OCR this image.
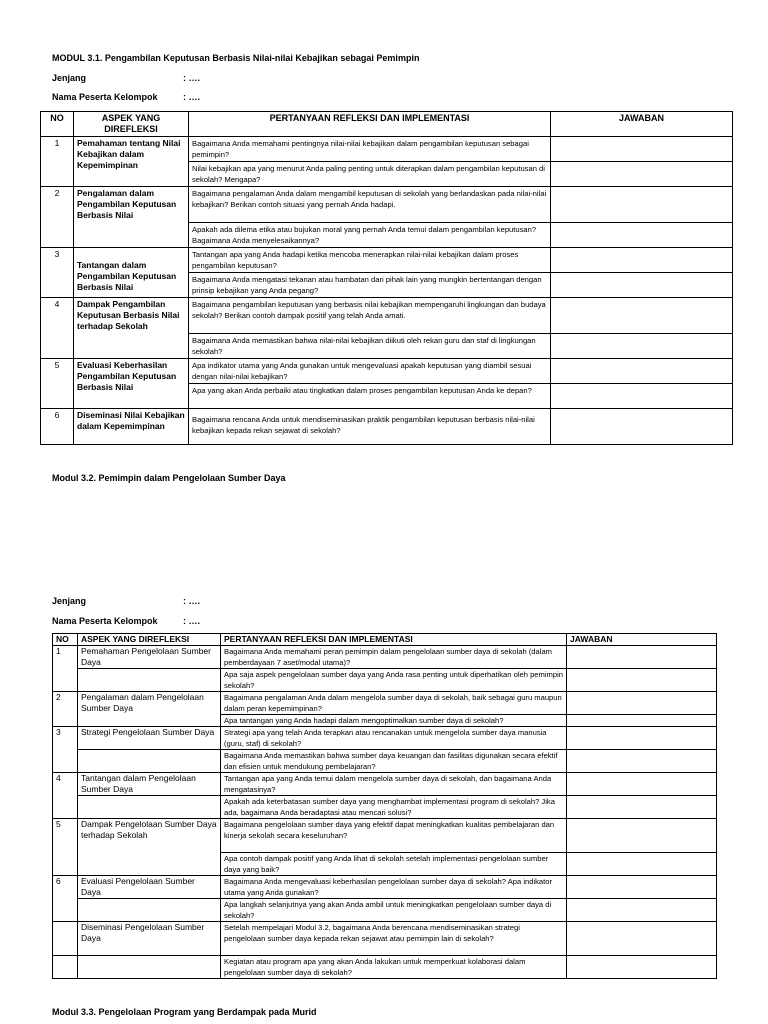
MODUL 3.1. Pengambilan Keputusan Berbasis Nilai-nilai Kebajikan sebagai Pemimpin
Jenjang	: ….
Nama Peserta Kelompok	: ….
NO	ASPEK YANG DIREFLEKSI	PERTANYAAN REFLEKSI DAN IMPLEMENTASI	JAWABAN
1	Pemahaman tentang Nilai Kebajikan dalam Kepemimpinan	Bagaimana Anda memahami pentingnya nilai-nilai kebajikan dalam pengambilan keputusan sebagai pemimpin?	
		Nilai kebajikan apa yang menurut Anda paling penting untuk diterapkan dalam pengambilan keputusan di sekolah? Mengapa?	
2	Pengalaman dalam Pengambilan Keputusan Berbasis Nilai	Bagaimana pengalaman Anda dalam mengambil keputusan di sekolah yang berlandaskan pada nilai-nilai kebajikan? Berikan contoh situasi yang pernah Anda hadapi.	
		Apakah ada dilema etika atau bujukan moral yang pernah Anda temui dalam pengambilan keputusan? Bagaimana Anda menyelesaikannya?	
3	Tantangan dalam Pengambilan Keputusan Berbasis Nilai	Tantangan apa yang Anda hadapi ketika mencoba menerapkan nilai-nilai kebajikan dalam proses pengambilan keputusan?	
		Bagaimana Anda mengatasi tekanan atau hambatan dari pihak lain yang mungkin bertentangan dengan prinsip kebajikan yang Anda pegang?	
4	Dampak Pengambilan Keputusan Berbasis Nilai terhadap Sekolah	Bagaimana pengambilan keputusan yang berbasis nilai kebajikan mempengaruhi lingkungan dan budaya sekolah? Berikan contoh dampak positif yang telah Anda amati.	
		Bagaimana Anda memastikan bahwa nilai-nilai kebajikan diikuti oleh rekan guru dan staf di lingkungan sekolah?	
5	Evaluasi Keberhasilan Pengambilan Keputusan Berbasis Nilai	Apa indikator utama yang Anda gunakan untuk mengevaluasi apakah keputusan yang diambil sesuai dengan nilai-nilai kebajikan?	
		Apa yang akan Anda perbaiki atau tingkatkan dalam proses pengambilan keputusan Anda ke depan?	
6	Diseminasi Nilai Kebajikan dalam Kepemimpinan	Bagaimana rencana Anda untuk mendiseminasikan praktik pengambilan keputusan berbasis nilai-nilai kebajikan kepada rekan sejawat di sekolah?	
Modul 3.2. Pemimpin dalam Pengelolaan Sumber Daya
Jenjang	: ….
Nama Peserta Kelompok	: ….
NO	ASPEK YANG DIREFLEKSI	PERTANYAAN REFLEKSI DAN IMPLEMENTASI	JAWABAN
1	Pemahaman Pengelolaan Sumber Daya	Bagaimana Anda memahami peran pemimpin dalam pengelolaan sumber daya di sekolah (dalam pemberdayaan 7 aset/modal utama)?	
		Apa saja aspek pengelolaan sumber daya yang Anda rasa penting untuk diperhatikan oleh pemimpin sekolah?	
2	Pengalaman dalam Pengelolaan Sumber Daya	Bagaimana pengalaman Anda dalam mengelola sumber daya di sekolah, baik sebagai guru maupun dalam peran kepemimpinan?	
		Apa tantangan yang Anda hadapi dalam mengoptimalkan sumber daya di sekolah?	
3	Strategi Pengelolaan Sumber Daya	Strategi apa yang telah Anda terapkan atau rencanakan untuk mengelola sumber daya manusia (guru, staf) di sekolah?	
		Bagaimana Anda memastikan bahwa sumber daya keuangan dan fasilitas digunakan secara efektif dan efisien untuk mendukung pembelajaran?	
4	Tantangan dalam Pengelolaan Sumber Daya	Tantangan apa yang Anda temui dalam mengelola sumber daya di sekolah, dan bagaimana Anda mengatasinya?	
		Apakah ada keterbatasan sumber daya yang menghambat implementasi program di sekolah? Jika ada, bagaimana Anda beradaptasi atau mencari solusi?	
5	Dampak Pengelolaan Sumber Daya terhadap Sekolah	Bagaimana pengelolaan sumber daya yang efektif dapat meningkatkan kualitas pembelajaran dan kinerja sekolah secara keseluruhan?	
		Apa contoh dampak positif yang Anda lihat di sekolah setelah implementasi pengelolaan sumber daya yang baik?	
6	Evaluasi Pengelolaan Sumber Daya	Bagaimana Anda mengevaluasi keberhasilan pengelolaan sumber daya di sekolah? Apa indikator utama yang Anda gunakan?	
		Apa langkah selanjutnya yang akan Anda ambil untuk meningkatkan pengelolaan sumber daya di sekolah?	
	Diseminasi Pengelolaan Sumber Daya	Setelah mempelajari Modul 3.2, bagaimana Anda berencana mendiseminasikan strategi pengelolaan sumber daya kepada rekan sejawat atau pemimpin lain di sekolah?	
		Kegiatan atau program apa yang akan Anda lakukan untuk memperkuat kolaborasi dalam pengelolaan sumber daya di sekolah?	
Modul 3.3. Pengelolaan Program yang Berdampak pada Murid
